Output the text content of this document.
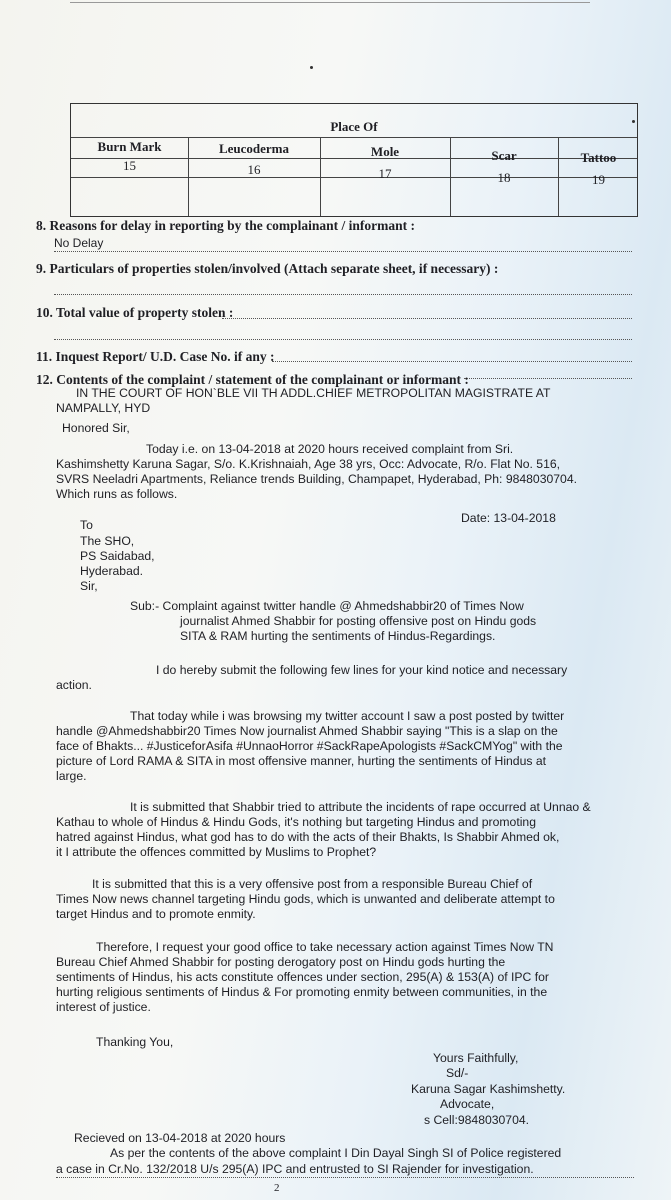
Place Of
Burn Mark	Leucoderma	Mole	Scar	Tattoo
15	16	17	18	19
8. Reasons for delay in reporting by the complainant / informant :
No Delay
9. Particulars of properties stolen/involved (Attach separate sheet, if necessary) :
10. Total value of property stolen :
11. Inquest Report/ U.D. Case No. if any :
12. Contents of the complaint / statement of the complainant or informant :
IN THE COURT OF HON`BLE VII TH ADDL.CHIEF METROPOLITAN MAGISTRATE AT
NAMPALLY, HYD
Honored Sir,
Today i.e. on 13-04-2018 at 2020 hours received complaint from Sri.
Kashimshetty Karuna Sagar, S/o. K.Krishnaiah, Age 38 yrs, Occ: Advocate, R/o. Flat No. 516,
SVRS Neeladri Apartments, Reliance trends Building, Champapet, Hyderabad, Ph: 9848030704.
Which runs as follows.
Date: 13-04-2018
To
The SHO,
PS Saidabad,
Hyderabad.
Sir,
Sub:- Complaint against twitter handle @ Ahmedshabbir20 of Times Now
journalist Ahmed Shabbir for posting offensive post on Hindu gods
SITA & RAM hurting the sentiments of Hindus-Regardings.
I do hereby submit the following few lines for your kind notice and necessary
action.
That today while i was browsing my twitter account I saw a post posted by twitter
handle @Ahmedshabbir20 Times Now journalist Ahmed Shabbir saying "This is a slap on the
face of Bhakts... #JusticeforAsifa #UnnaoHorror #SackRapeApologists #SackCMYog" with the
picture of Lord RAMA & SITA in most offensive manner, hurting the sentiments of Hindus at
large.
It is submitted that Shabbir tried to attribute the incidents of rape occurred at Unnao &
Kathau to whole of Hindus & Hindu Gods, it's nothing but targeting Hindus and promoting
hatred against Hindus, what god has to do with the acts of their Bhakts, Is Shabbir Ahmed ok,
it I attribute the offences committed by Muslims to Prophet?
It is submitted that this is a very offensive post from a responsible Bureau Chief of
Times Now news channel targeting Hindu gods, which is unwanted and deliberate attempt to
target Hindus and to promote enmity.
Therefore, I request your good office to take necessary action against Times Now TN
Bureau Chief Ahmed Shabbir for posting derogatory post on Hindu gods hurting the
sentiments of Hindus, his acts constitute offences under section, 295(A) & 153(A) of IPC for
hurting religious sentiments of Hindus & For promoting enmity between communities, in the
interest of justice.
Thanking You,
Yours Faithfully,
Sd/-
Karuna Sagar Kashimshetty.
Advocate,
s Cell:9848030704.
Recieved on 13-04-2018 at 2020 hours
As per the contents of the above complaint I Din Dayal Singh SI of Police registered
a case in Cr.No. 132/2018 U/s 295(A) IPC and entrusted to SI Rajender for investigation.
2
